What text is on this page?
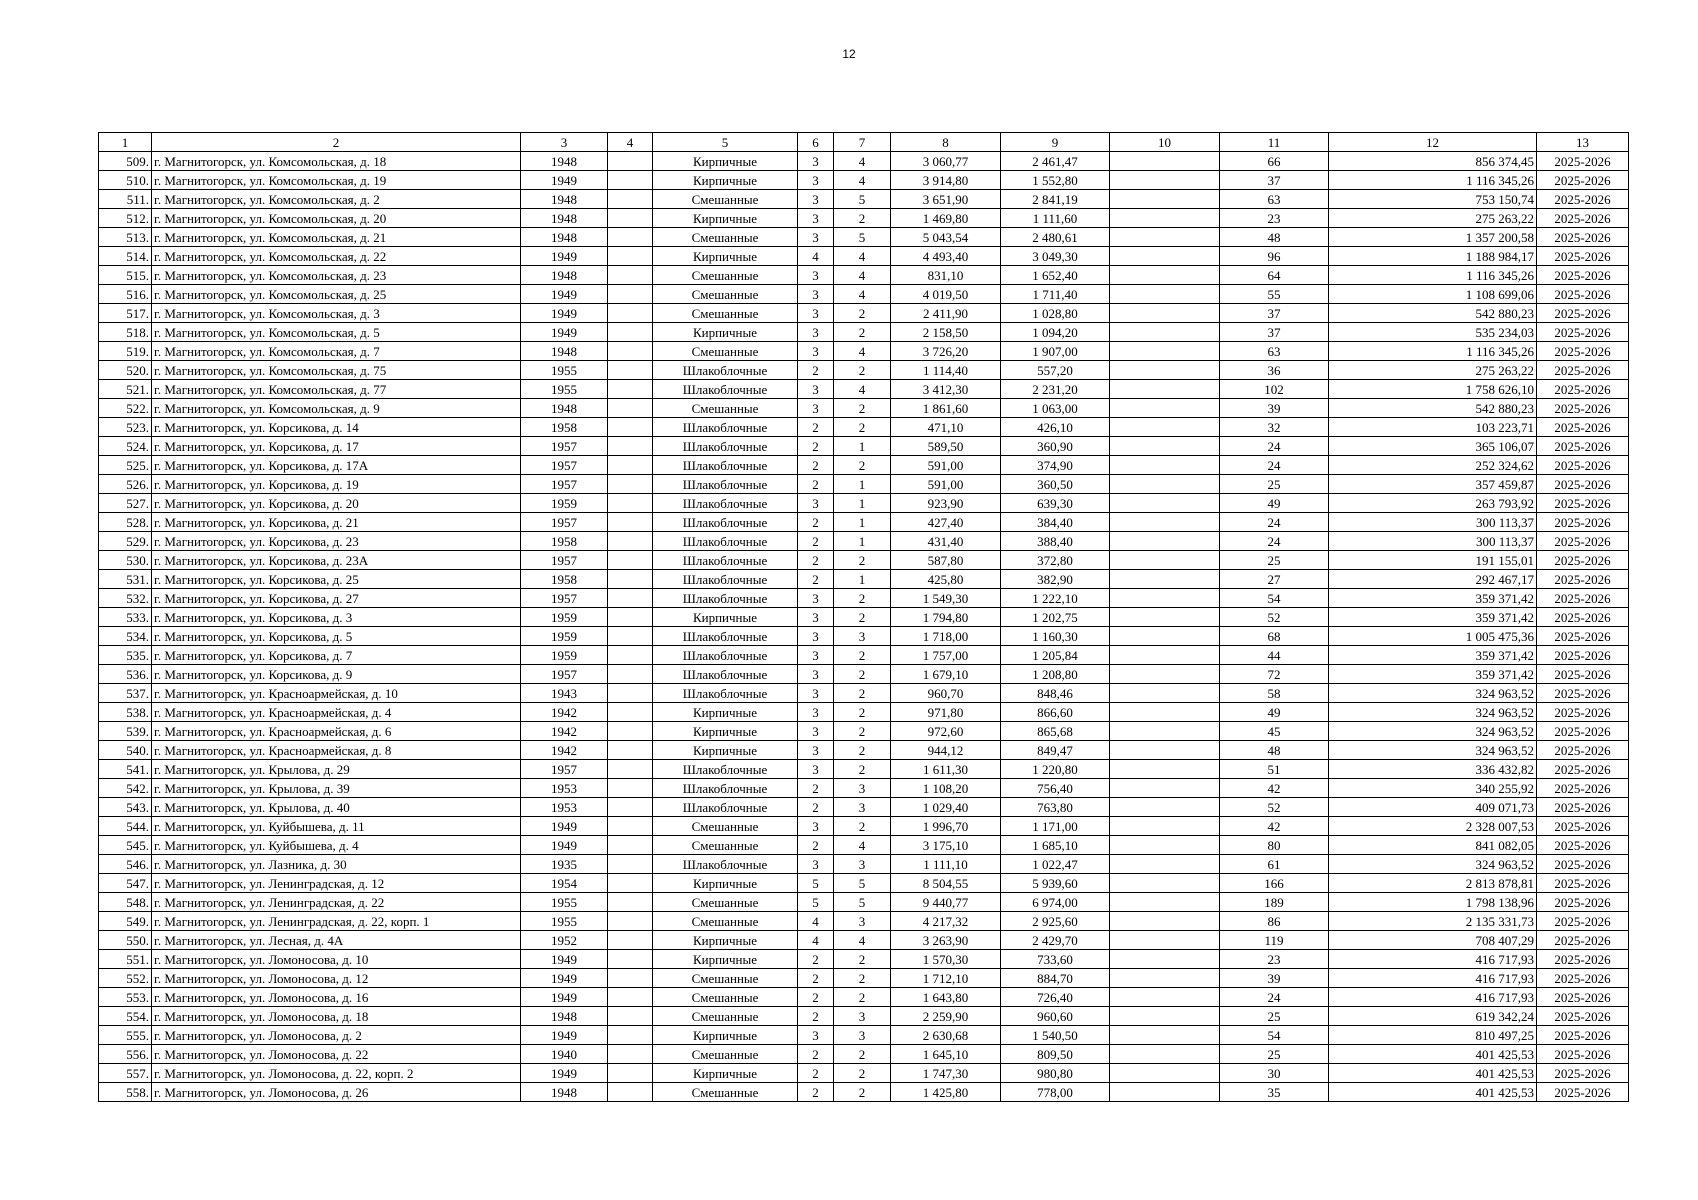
12
1	2	3	4	5	6	7	8	9	10	11	12	13
509.	г. Магнитогорск, ул. Комсомольская, д. 18	1948		Кирпичные	3	4	3 060,77	2 461,47		66	856 374,45	2025-2026
510.	г. Магнитогорск, ул. Комсомольская, д. 19	1949		Кирпичные	3	4	3 914,80	1 552,80		37	1 116 345,26	2025-2026
511.	г. Магнитогорск, ул. Комсомольская, д. 2	1948		Смешанные	3	5	3 651,90	2 841,19		63	753 150,74	2025-2026
512.	г. Магнитогорск, ул. Комсомольская, д. 20	1948		Кирпичные	3	2	1 469,80	1 111,60		23	275 263,22	2025-2026
513.	г. Магнитогорск, ул. Комсомольская, д. 21	1948		Смешанные	3	5	5 043,54	2 480,61		48	1 357 200,58	2025-2026
514.	г. Магнитогорск, ул. Комсомольская, д. 22	1949		Кирпичные	4	4	4 493,40	3 049,30		96	1 188 984,17	2025-2026
515.	г. Магнитогорск, ул. Комсомольская, д. 23	1948		Смешанные	3	4	831,10	1 652,40		64	1 116 345,26	2025-2026
516.	г. Магнитогорск, ул. Комсомольская, д. 25	1949		Смешанные	3	4	4 019,50	1 711,40		55	1 108 699,06	2025-2026
517.	г. Магнитогорск, ул. Комсомольская, д. 3	1949		Смешанные	3	2	2 411,90	1 028,80		37	542 880,23	2025-2026
518.	г. Магнитогорск, ул. Комсомольская, д. 5	1949		Кирпичные	3	2	2 158,50	1 094,20		37	535 234,03	2025-2026
519.	г. Магнитогорск, ул. Комсомольская, д. 7	1948		Смешанные	3	4	3 726,20	1 907,00		63	1 116 345,26	2025-2026
520.	г. Магнитогорск, ул. Комсомольская, д. 75	1955		Шлакоблочные	2	2	1 114,40	557,20		36	275 263,22	2025-2026
521.	г. Магнитогорск, ул. Комсомольская, д. 77	1955		Шлакоблочные	3	4	3 412,30	2 231,20		102	1 758 626,10	2025-2026
522.	г. Магнитогорск, ул. Комсомольская, д. 9	1948		Смешанные	3	2	1 861,60	1 063,00		39	542 880,23	2025-2026
523.	г. Магнитогорск, ул. Корсикова, д. 14	1958		Шлакоблочные	2	2	471,10	426,10		32	103 223,71	2025-2026
524.	г. Магнитогорск, ул. Корсикова, д. 17	1957		Шлакоблочные	2	1	589,50	360,90		24	365 106,07	2025-2026
525.	г. Магнитогорск, ул. Корсикова, д. 17А	1957		Шлакоблочные	2	2	591,00	374,90		24	252 324,62	2025-2026
526.	г. Магнитогорск, ул. Корсикова, д. 19	1957		Шлакоблочные	2	1	591,00	360,50		25	357 459,87	2025-2026
527.	г. Магнитогорск, ул. Корсикова, д. 20	1959		Шлакоблочные	3	1	923,90	639,30		49	263 793,92	2025-2026
528.	г. Магнитогорск, ул. Корсикова, д. 21	1957		Шлакоблочные	2	1	427,40	384,40		24	300 113,37	2025-2026
529.	г. Магнитогорск, ул. Корсикова, д. 23	1958		Шлакоблочные	2	1	431,40	388,40		24	300 113,37	2025-2026
530.	г. Магнитогорск, ул. Корсикова, д. 23А	1957		Шлакоблочные	2	2	587,80	372,80		25	191 155,01	2025-2026
531.	г. Магнитогорск, ул. Корсикова, д. 25	1958		Шлакоблочные	2	1	425,80	382,90		27	292 467,17	2025-2026
532.	г. Магнитогорск, ул. Корсикова, д. 27	1957		Шлакоблочные	3	2	1 549,30	1 222,10		54	359 371,42	2025-2026
533.	г. Магнитогорск, ул. Корсикова, д. 3	1959		Кирпичные	3	2	1 794,80	1 202,75		52	359 371,42	2025-2026
534.	г. Магнитогорск, ул. Корсикова, д. 5	1959		Шлакоблочные	3	3	1 718,00	1 160,30		68	1 005 475,36	2025-2026
535.	г. Магнитогорск, ул. Корсикова, д. 7	1959		Шлакоблочные	3	2	1 757,00	1 205,84		44	359 371,42	2025-2026
536.	г. Магнитогорск, ул. Корсикова, д. 9	1957		Шлакоблочные	3	2	1 679,10	1 208,80		72	359 371,42	2025-2026
537.	г. Магнитогорск, ул. Красноармейская, д. 10	1943		Шлакоблочные	3	2	960,70	848,46		58	324 963,52	2025-2026
538.	г. Магнитогорск, ул. Красноармейская, д. 4	1942		Кирпичные	3	2	971,80	866,60		49	324 963,52	2025-2026
539.	г. Магнитогорск, ул. Красноармейская, д. 6	1942		Кирпичные	3	2	972,60	865,68		45	324 963,52	2025-2026
540.	г. Магнитогорск, ул. Красноармейская, д. 8	1942		Кирпичные	3	2	944,12	849,47		48	324 963,52	2025-2026
541.	г. Магнитогорск, ул. Крылова, д. 29	1957		Шлакоблочные	3	2	1 611,30	1 220,80		51	336 432,82	2025-2026
542.	г. Магнитогорск, ул. Крылова, д. 39	1953		Шлакоблочные	2	3	1 108,20	756,40		42	340 255,92	2025-2026
543.	г. Магнитогорск, ул. Крылова, д. 40	1953		Шлакоблочные	2	3	1 029,40	763,80		52	409 071,73	2025-2026
544.	г. Магнитогорск, ул. Куйбышева, д. 11	1949		Смешанные	3	2	1 996,70	1 171,00		42	2 328 007,53	2025-2026
545.	г. Магнитогорск, ул. Куйбышева, д. 4	1949		Смешанные	2	4	3 175,10	1 685,10		80	841 082,05	2025-2026
546.	г. Магнитогорск, ул. Лазника, д. 30	1935		Шлакоблочные	3	3	1 111,10	1 022,47		61	324 963,52	2025-2026
547.	г. Магнитогорск, ул. Ленинградская, д. 12	1954		Кирпичные	5	5	8 504,55	5 939,60		166	2 813 878,81	2025-2026
548.	г. Магнитогорск, ул. Ленинградская, д. 22	1955		Смешанные	5	5	9 440,77	6 974,00		189	1 798 138,96	2025-2026
549.	г. Магнитогорск, ул. Ленинградская, д. 22, корп. 1	1955		Смешанные	4	3	4 217,32	2 925,60		86	2 135 331,73	2025-2026
550.	г. Магнитогорск, ул. Лесная, д. 4А	1952		Кирпичные	4	4	3 263,90	2 429,70		119	708 407,29	2025-2026
551.	г. Магнитогорск, ул. Ломоносова, д. 10	1949		Кирпичные	2	2	1 570,30	733,60		23	416 717,93	2025-2026
552.	г. Магнитогорск, ул. Ломоносова, д. 12	1949		Смешанные	2	2	1 712,10	884,70		39	416 717,93	2025-2026
553.	г. Магнитогорск, ул. Ломоносова, д. 16	1949		Смешанные	2	2	1 643,80	726,40		24	416 717,93	2025-2026
554.	г. Магнитогорск, ул. Ломоносова, д. 18	1948		Смешанные	2	3	2 259,90	960,60		25	619 342,24	2025-2026
555.	г. Магнитогорск, ул. Ломоносова, д. 2	1949		Кирпичные	3	3	2 630,68	1 540,50		54	810 497,25	2025-2026
556.	г. Магнитогорск, ул. Ломоносова, д. 22	1940		Смешанные	2	2	1 645,10	809,50		25	401 425,53	2025-2026
557.	г. Магнитогорск, ул. Ломоносова, д. 22, корп. 2	1949		Кирпичные	2	2	1 747,30	980,80		30	401 425,53	2025-2026
558.	г. Магнитогорск, ул. Ломоносова, д. 26	1948		Смешанные	2	2	1 425,80	778,00		35	401 425,53	2025-2026
